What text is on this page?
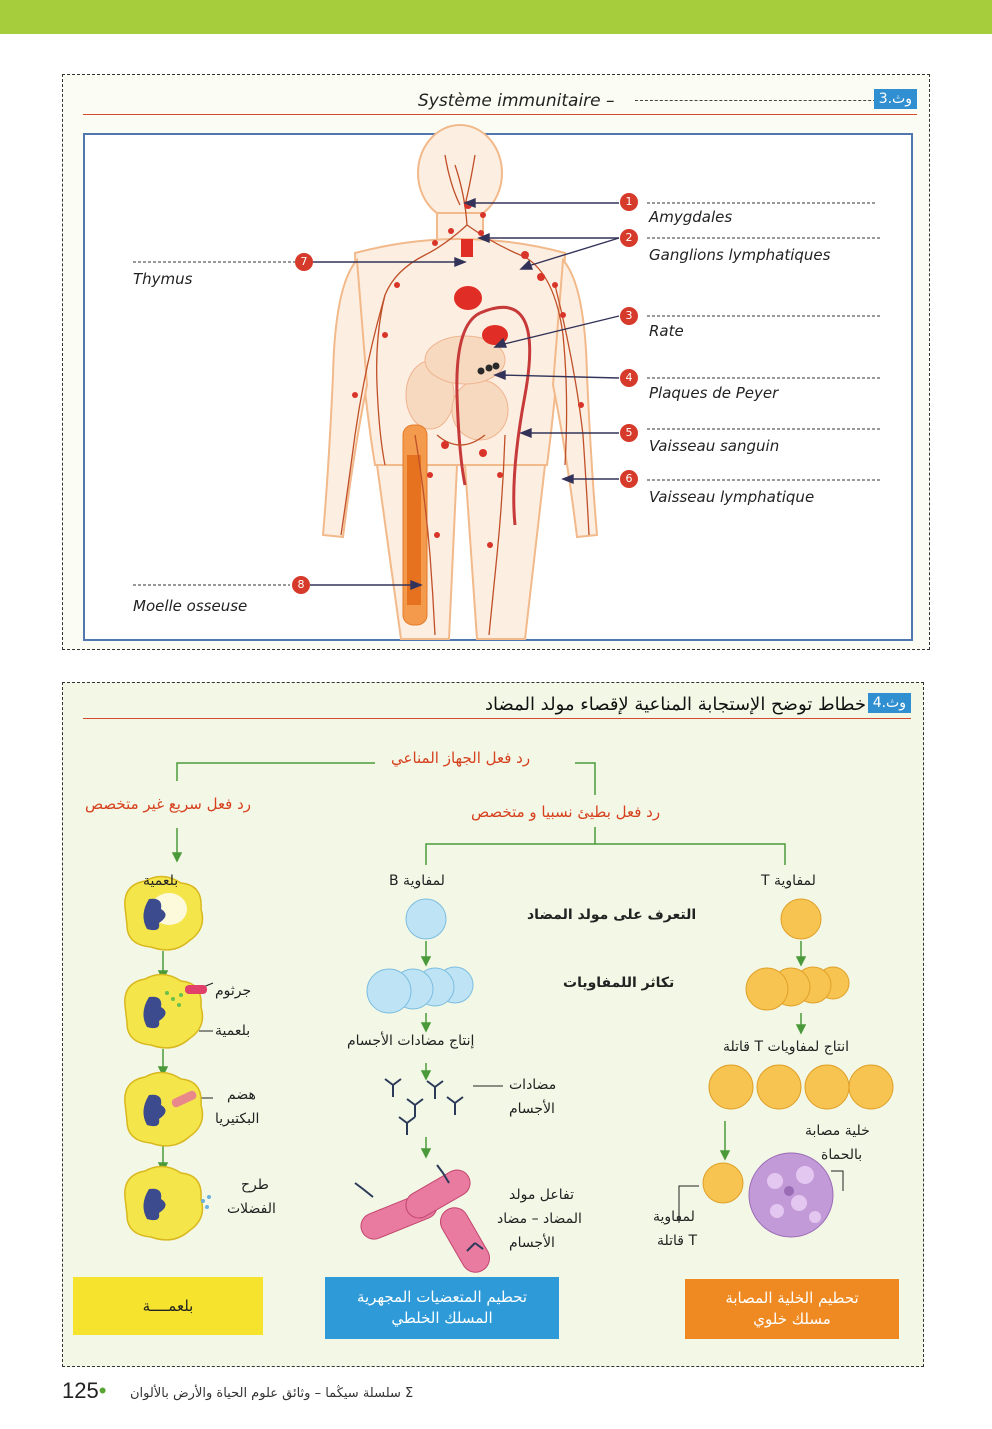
Système immunitaire –	وث.3
1
2
3
4
5
6
7
8
Amygdales
Ganglions lymphatiques
Thymus
Rate
Plaques de Peyer
Vaisseau sanguin
Vaisseau lymphatique
Moelle osseuse
خطاط توضح الإستجابة المناعية لإقصاء مولد المضاد وث.4
رد فعل الجهاز المناعي
رد فعل سريع غير متخصص	رد فعل بطيئ نسبيا و متخصص
بلعمية
جرثوم
بلعمية
هضم
البكتيريا
طرح
الفضلات
لمفاوية B
إنتاج مضادات الأجسام
مضادات
الأجسام
تفاعل مولد
المضاد – مضاد
الأجسام
التعرف على مولد المضاد
تكاثر اللمفاويات
لمفاوية T
انتاج لمفاويات T قاتلة
خلية مصابة
بالحماة
لمفاوية
T قاتلة
بلعمــــة	تحطيم المتعضيات المجهرية
المسلك الخلطي
تحطيم الخلية المصابة
مسلك خلوي
125• Σ سلسلة سيڭما – وثائق علوم الحياة والأرض بالألوان
